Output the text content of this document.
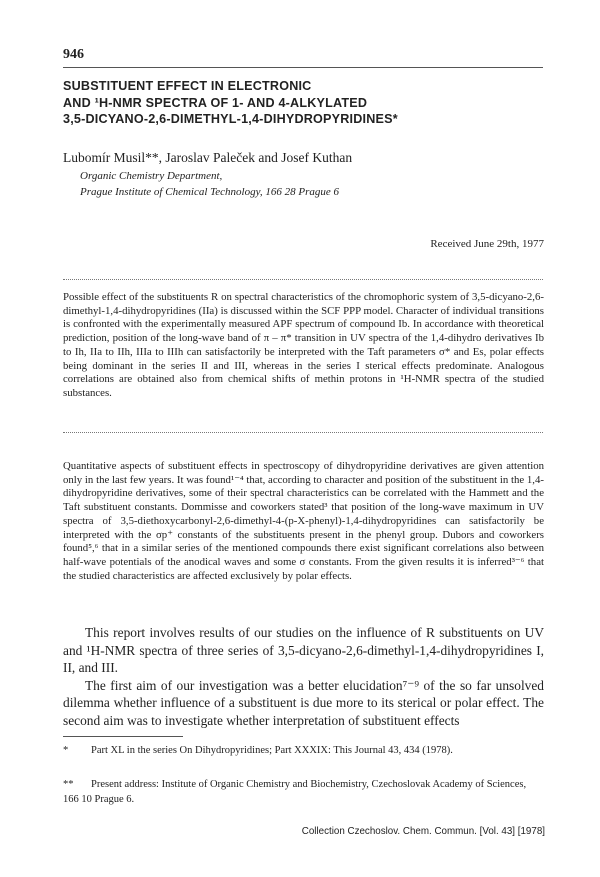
946
SUBSTITUENT EFFECT IN ELECTRONIC
AND ¹H-NMR SPECTRA OF 1- AND 4-ALKYLATED
3,5-DICYANO-2,6-DIMETHYL-1,4-DIHYDROPYRIDINES*
Lubomír Musil**, Jaroslav Paleček and Josef Kuthan
Organic Chemistry Department,
Prague Institute of Chemical Technology, 166 28 Prague 6
Received June 29th, 1977
Possible effect of the substituents R on spectral characteristics of the chromophoric system of 3,5-dicyano-2,6-dimethyl-1,4-dihydropyridines (IIa) is discussed within the SCF PPP model. Character of individual transitions is confronted with the experimentally measured APF spectrum of compound Ib. In accordance with theoretical prediction, position of the long-wave band of π – π* transition in UV spectra of the 1,4-dihydro derivatives Ib to Ih, IIa to IIh, IIIa to IIIh can satisfactorily be interpreted with the Taft parameters σ* and Es, polar effects being dominant in the series II and III, whereas in the series I sterical effects predominate. Analogous correlations are obtained also from chemical shifts of methin protons in ¹H-NMR spectra of the studied substances.
Quantitative aspects of substituent effects in spectroscopy of dihydropyridine derivatives are given attention only in the last few years. It was found¹⁻⁴ that, according to character and position of the substituent in the 1,4-dihydropyridine derivatives, some of their spectral characteristics can be correlated with the Hammett and the Taft substituent constants. Dommisse and coworkers stated³ that position of the long-wave maximum in UV spectra of 3,5-diethoxycarbonyl-2,6-dimethyl-4-(p-X-phenyl)-1,4-dihydropyridines can satisfactorily be interpreted with the σp⁺ constants of the substituents present in the phenyl group. Dubors and coworkers found⁵,⁶ that in a similar series of the mentioned compounds there exist significant correlations also between half-wave potentials of the anodical waves and some σ constants. From the given results it is inferred³⁻⁶ that the studied characteristics are affected exclusively by polar effects.

This report involves results of our studies on the influence of R substituents on UV and ¹H-NMR spectra of three series of 3,5-dicyano-2,6-dimethyl-1,4-dihydropyridines I, II, and III.

The first aim of our investigation was a better elucidation⁷⁻⁹ of the so far unsolved dilemma whether influence of a substituent is due more to its sterical or polar effect. The second aim was to investigate whether interpretation of substituent effects

* Part XL in the series On Dihydropyridines; Part XXXIX: This Journal 43, 434 (1978).
** Present address: Institute of Organic Chemistry and Biochemistry, Czechoslovak Academy of Sciences, 166 10 Prague 6.
Collection Czechoslov. Chem. Commun. [Vol. 43] [1978]
